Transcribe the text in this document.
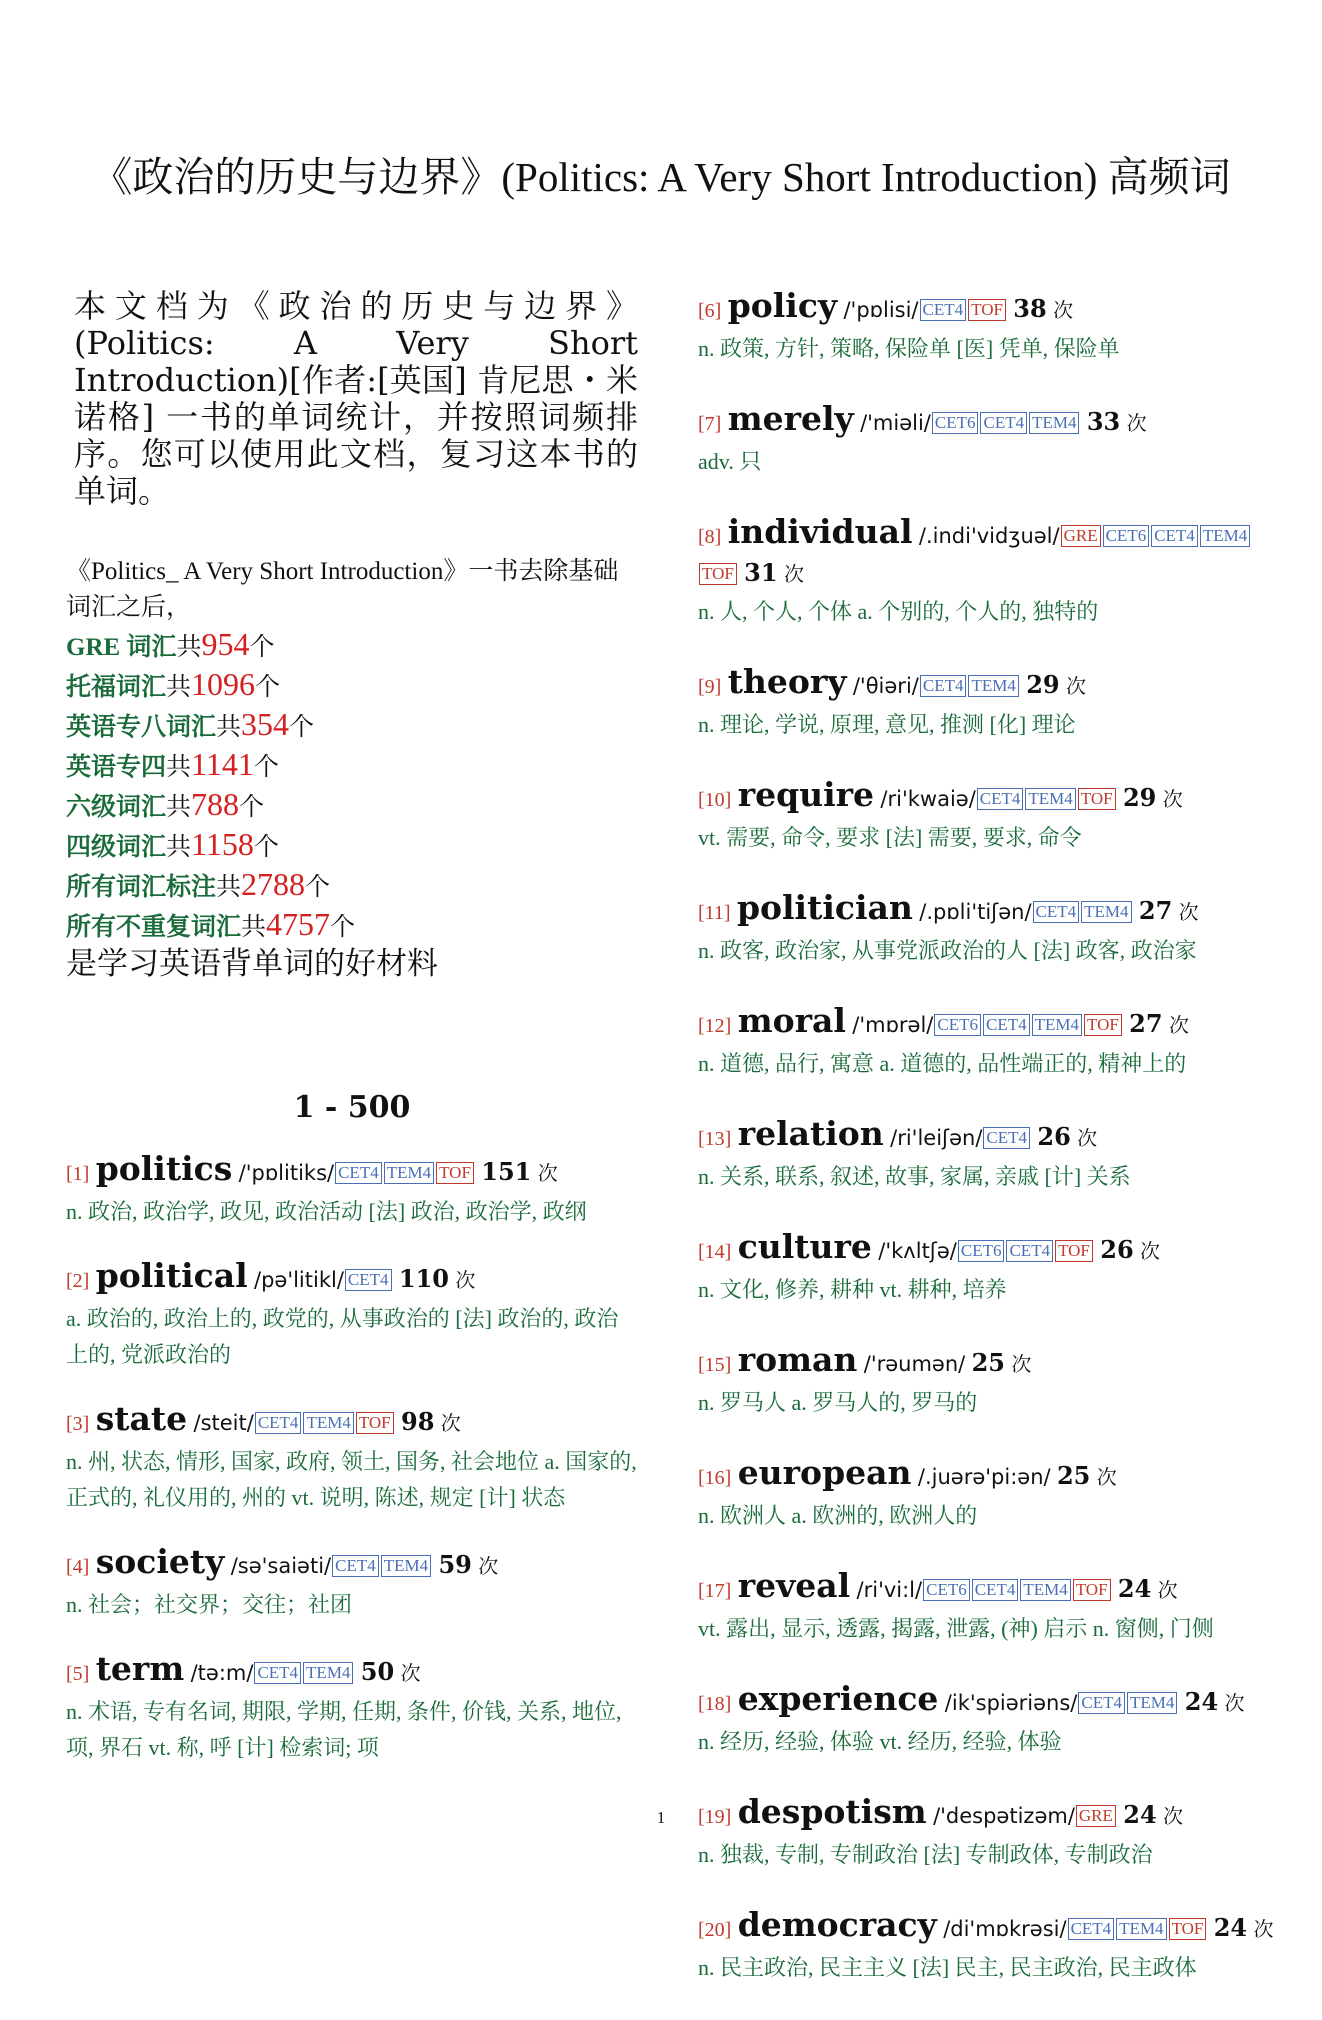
《政治的历史与边界》(Politics: A Very Short Introduction) 高频词

本文档为《政治的历史与边界》(Politics: A Very Short Introduction)[作者:[英国] 肯尼思・米诺格] 一书的单词统计，并按照词频排序。您可以使用此文档，复习这本书的单词。

《Politics_ A Very Short Introduction》一书去除基础词汇之后，
GRE 词汇共954个
托福词汇共1096个
英语专八词汇共354个
英语专四共1141个
六级词汇共788个
四级词汇共1158个
所有词汇标注共2788个
所有不重复词汇共4757个
是学习英语背单词的好材料
1 - 500
[1] politics /'pɒlitiks/ CET4 TEM4 TOF 151 次
n. 政治, 政治学, 政见, 政治活动 [法] 政治, 政治学, 政纲
[2] political /pə'litikl/ CET4 110 次
a. 政治的, 政治上的, 政党的, 从事政治的 [法] 政治的, 政治上的, 党派政治的
[3] state /steit/ CET4 TEM4 TOF 98 次
n. 州, 状态, 情形, 国家, 政府, 领土, 国务, 社会地位 a. 国家的, 正式的, 礼仪用的, 州的 vt. 说明, 陈述, 规定 [计] 状态
[4] society /sə'saiəti/ CET4 TEM4 59 次
n. 社会；社交界；交往；社团
[5] term /tə:m/ CET4 TEM4 50 次
n. 术语, 专有名词, 期限, 学期, 任期, 条件, 价钱, 关系, 地位, 项, 界石 vt. 称, 呼 [计] 检索词; 项
[6] policy /'pɒlisi/ CET4 TOF 38 次
n. 政策, 方针, 策略, 保险单 [医] 凭单, 保险单
[7] merely /'miəli/ CET6 CET4 TEM4 33 次
adv. 只
[8] individual /.indi'vidʒuəl/ GRE CET6 CET4 TEM4TOF 31 次
n. 人, 个人, 个体 a. 个别的, 个人的, 独特的
[9] theory /'θiəri/ CET4 TEM4 29 次
n. 理论, 学说, 原理, 意见, 推测 [化] 理论
[10] require /ri'kwaiə/ CET4 TEM4 TOF 29 次
vt. 需要, 命令, 要求 [法] 需要, 要求, 命令
[11] politician /.pɒli'tiʃən/ CET4 TEM4 27 次
n. 政客, 政治家, 从事党派政治的人 [法] 政客, 政治家
[12] moral /'mɒrəl/ CET6 CET4 TEM4 TOF 27 次
n. 道德, 品行, 寓意 a. 道德的, 品性端正的, 精神上的
[13] relation /ri'leiʃən/ CET4 26 次
n. 关系, 联系, 叙述, 故事, 家属, 亲戚 [计] 关系
[14] culture /'kʌltʃə/ CET6 CET4 TOF 26 次
n. 文化, 修养, 耕种 vt. 耕种, 培养
[15] roman /'rəumən/ 25 次
n. 罗马人 a. 罗马人的, 罗马的
[16] european /.juərə'pi:ən/ 25 次
n. 欧洲人 a. 欧洲的, 欧洲人的
[17] reveal /ri'vi:l/ CET6 CET4 TEM4 TOF 24 次
vt. 露出, 显示, 透露, 揭露, 泄露, (神) 启示 n. 窗侧, 门侧
[18] experience /ik'spiəriəns/ CET4 TEM4 24 次
n. 经历, 经验, 体验 vt. 经历, 经验, 体验
[19] despotism /'despətizəm/ GRE 24 次
n. 独裁, 专制, 专制政治 [法] 专制政体, 专制政治
[20] democracy /di'mɒkrəsi/ CET4 TEM4 TOF 24 次
n. 民主政治, 民主主义 [法] 民主, 民主政治, 民主政体
1
